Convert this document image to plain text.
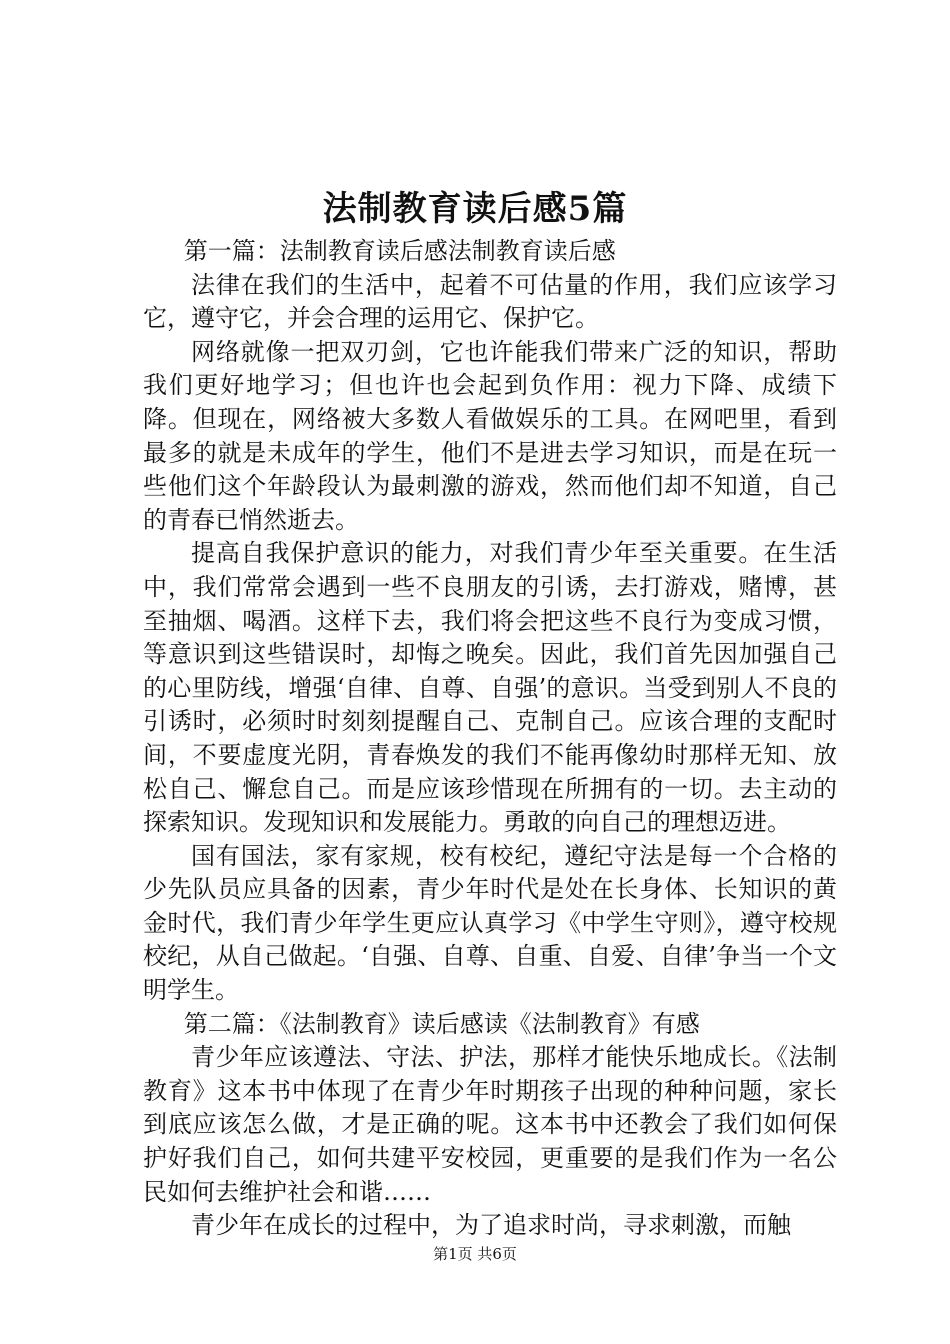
法制教育读后感5篇

第一篇：法制教育读后感法制教育读后感

法律在我们的生活中，起着不可估量的作用，我们应该学习它，遵守它，并会合理的运用它、保护它。

网络就像一把双刃剑，它也许能我们带来广泛的知识，帮助我们更好地学习；但也许也会起到负作用：视力下降、成绩下降。但现在，网络被大多数人看做娱乐的工具。在网吧里，看到最多的就是未成年的学生，他们不是进去学习知识，而是在玩一些他们这个年龄段认为最刺激的游戏，然而他们却不知道，自己的青春已悄然逝去。

提高自我保护意识的能力，对我们青少年至关重要。在生活中，我们常常会遇到一些不良朋友的引诱，去打游戏，赌博，甚至抽烟、喝酒。这样下去，我们将会把这些不良行为变成习惯，等意识到这些错误时，却悔之晚矣。因此，我们首先因加强自己的心里防线，增强‘自律、自尊、自强’的意识。当受到别人不良的引诱时，必须时时刻刻提醒自己、克制自己。应该合理的支配时间，不要虚度光阴，青春焕发的我们不能再像幼时那样无知、放松自己、懈怠自己。而是应该珍惜现在所拥有的一切。去主动的探索知识。发现知识和发展能力。勇敢的向自己的理想迈进。

国有国法，家有家规，校有校纪，遵纪守法是每一个合格的少先队员应具备的因素，青少年时代是处在长身体、长知识的黄金时代，我们青少年学生更应认真学习《中学生守则》，遵守校规校纪，从自己做起。‘自强、自尊、自重、自爱、自律’争当一个文明学生。

第二篇：《法制教育》读后感读《法制教育》有感

青少年应该遵法、守法、护法，那样才能快乐地成长。《法制教育》这本书中体现了在青少年时期孩子出现的种种问题，家长到底应该怎么做，才是正确的呢。这本书中还教会了我们如何保护好我们自己，如何共建平安校园，更重要的是我们作为一名公民如何去维护社会和谐……

青少年在成长的过程中，为了追求时尚，寻求刺激，而触

第1页 共6页
